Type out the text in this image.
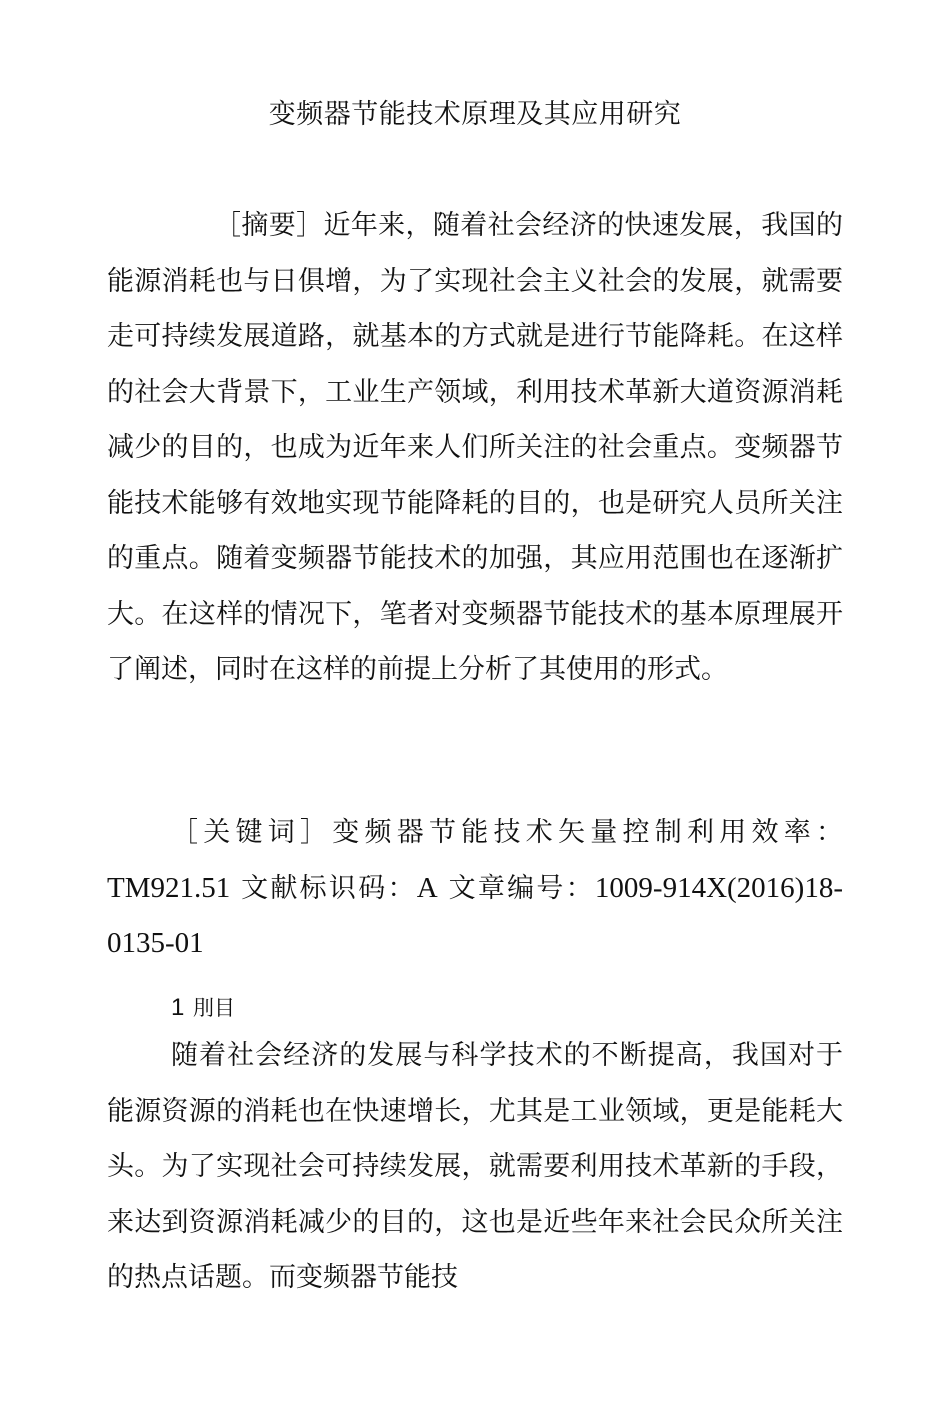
变频器节能技术原理及其应用研究

［摘要］近年来，随着社会经济的快速发展，我国的能源消耗也与日俱增，为了实现社会主义社会的发展，就需要走可持续发展道路，就基本的方式就是进行节能降耗。在这样的社会大背景下，工业生产领域，利用技术革新大道资源消耗减少的目的，也成为近年来人们所关注的社会重点。变频器节能技术能够有效地实现节能降耗的目的，也是研究人员所关注的重点。随着变频器节能技术的加强，其应用范围也在逐渐扩大。在这样的情况下，笔者对变频器节能技术的基本原理展开了阐述，同时在这样的前提上分析了其使用的形式。

［关键词］变频器节能技术矢量控制利用效率：TM921.51 文献标识码：A 文章编号：1009-914X(2016)18-0135-01

1 刖目

随着社会经济的发展与科学技术的不断提高，我国对于能源资源的消耗也在快速增长，尤其是工业领域，更是能耗大头。为了实现社会可持续发展，就需要利用技术革新的手段，来达到资源消耗减少的目的，这也是近些年来社会民众所关注的热点话题。而变频器节能技
